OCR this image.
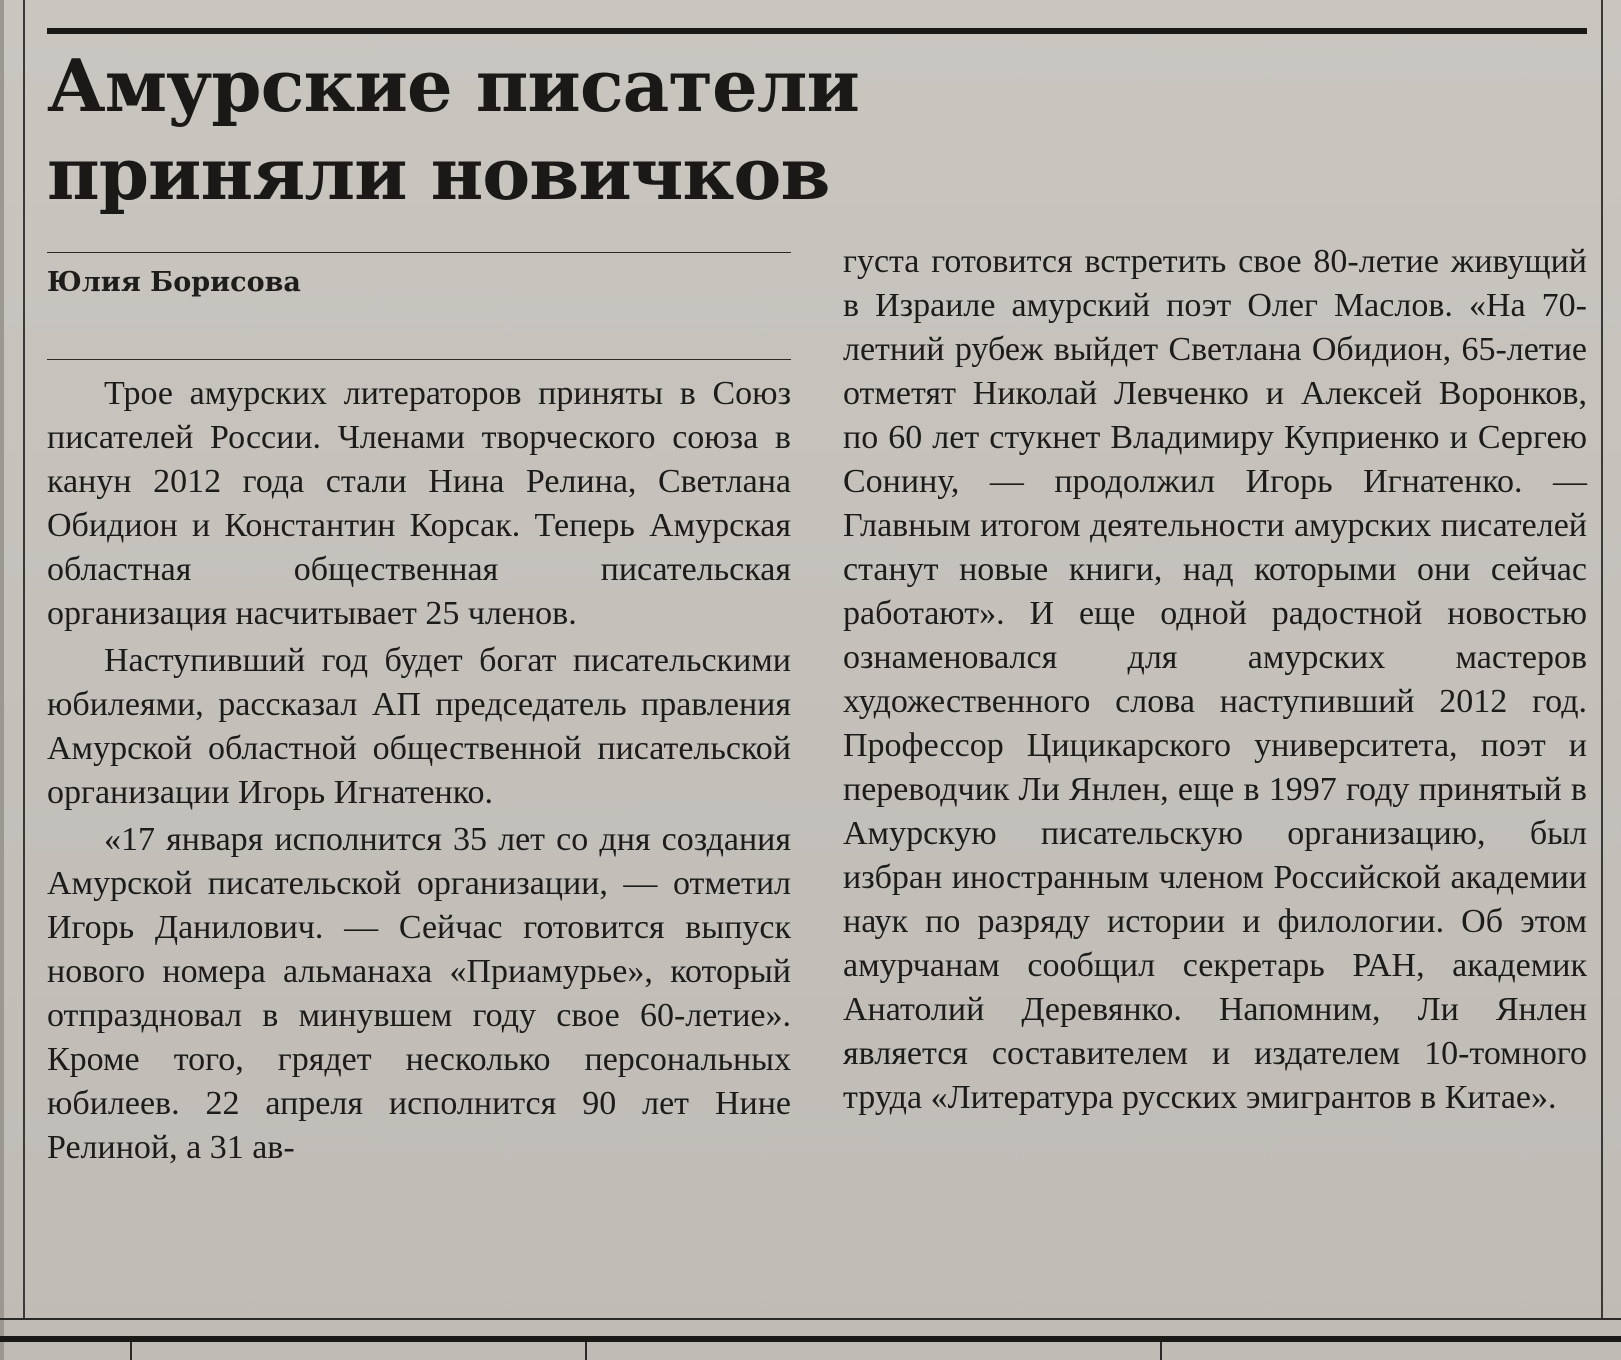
Амурские писатели приняли новичков
Юлия Борисова

Трое амурских литераторов приняты в Союз писателей России. Членами творческого союза в канун 2012 года стали Нина Релина, Светлана Обидион и Константин Корсак. Теперь Амурская областная общественная писательская организация насчитывает 25 членов.

Наступивший год будет богат писательскими юбилеями, рассказал АП председатель правления Амурской областной общественной писательской организации Игорь Игнатенко.

«17 января исполнится 35 лет со дня создания Амурской писательской организации, — отметил Игорь Данилович. — Сейчас готовится выпуск нового номера альманаха «Приамурье», который отпраздновал в минувшем году свое 60-летие». Кроме того, грядет несколько персональных юбилеев. 22 апреля исполнится 90 лет Нине Релиной, а 31 ав-

густа готовится встретить свое 80-летие живущий в Израиле амурский поэт Олег Маслов. «На 70-летний рубеж выйдет Светлана Обидион, 65-летие отметят Николай Левченко и Алексей Воронков, по 60 лет стукнет Владимиру Куприенко и Сергею Сонину, — продолжил Игорь Игнатенко. — Главным итогом деятельности амурских писателей станут новые книги, над которыми они сейчас работают». И еще одной радостной новостью ознаменовался для амурских мастеров художественного слова наступивший 2012 год. Профессор Цицикарского университета, поэт и переводчик Ли Янлен, еще в 1997 году принятый в Амурскую писательскую организацию, был избран иностранным членом Российской академии наук по разряду истории и филологии. Об этом амурчанам сообщил секретарь РАН, академик Анатолий Деревянко. Напомним, Ли Янлен является составителем и издателем 10-томного труда «Литература русских эмигрантов в Китае».
